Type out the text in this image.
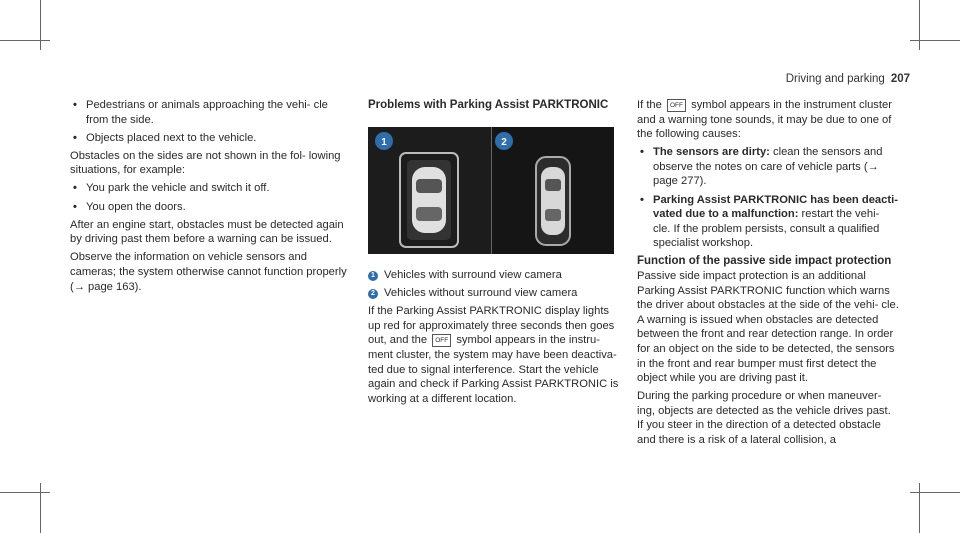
Driving and parking 207
• Pedestrians or animals approaching the vehi- cle from the side.
• Objects placed next to the vehicle.

Obstacles on the sides are not shown in the fol- lowing situations, for example:

• You park the vehicle and switch it off.
• You open the doors.

After an engine start, obstacles must be detected again by driving past them before a warning can be issued.

Observe the information on vehicle sensors and cameras; the system otherwise cannot function properly (→ page 163).

Problems with Parking Assist PARKTRONIC
1	2

1 Vehicles with surround view camera

2 Vehicles without surround view camera

If the Parking Assist PARKTRONIC display lights up red for approximately three seconds then goes out, and the OFF symbol appears in the instru- ment cluster, the system may have been deactiva- ted due to signal interference. Start the vehicle again and check if Parking Assist PARKTRONIC is working at a different location.

If the OFF symbol appears in the instrument cluster and a warning tone sounds, it may be due to one of the following causes:

• The sensors are dirty: clean the sensors and observe the notes on care of vehicle parts (→ page 277).
• Parking Assist PARKTRONIC has been deacti- vated due to a malfunction: restart the vehi- cle. If the problem persists, consult a qualified specialist workshop.
Function of the passive side impact protection

Passive side impact protection is an additional Parking Assist PARKTRONIC function which warns the driver about obstacles at the side of the vehi- cle. A warning is issued when obstacles are detected between the front and rear detection range. In order for an object on the side to be detected, the sensors in the front and rear bumper must first detect the object while you are driving past it.

During the parking procedure or when maneuver- ing, objects are detected as the vehicle drives past. If you steer in the direction of a detected obstacle and there is a risk of a lateral collision, a
